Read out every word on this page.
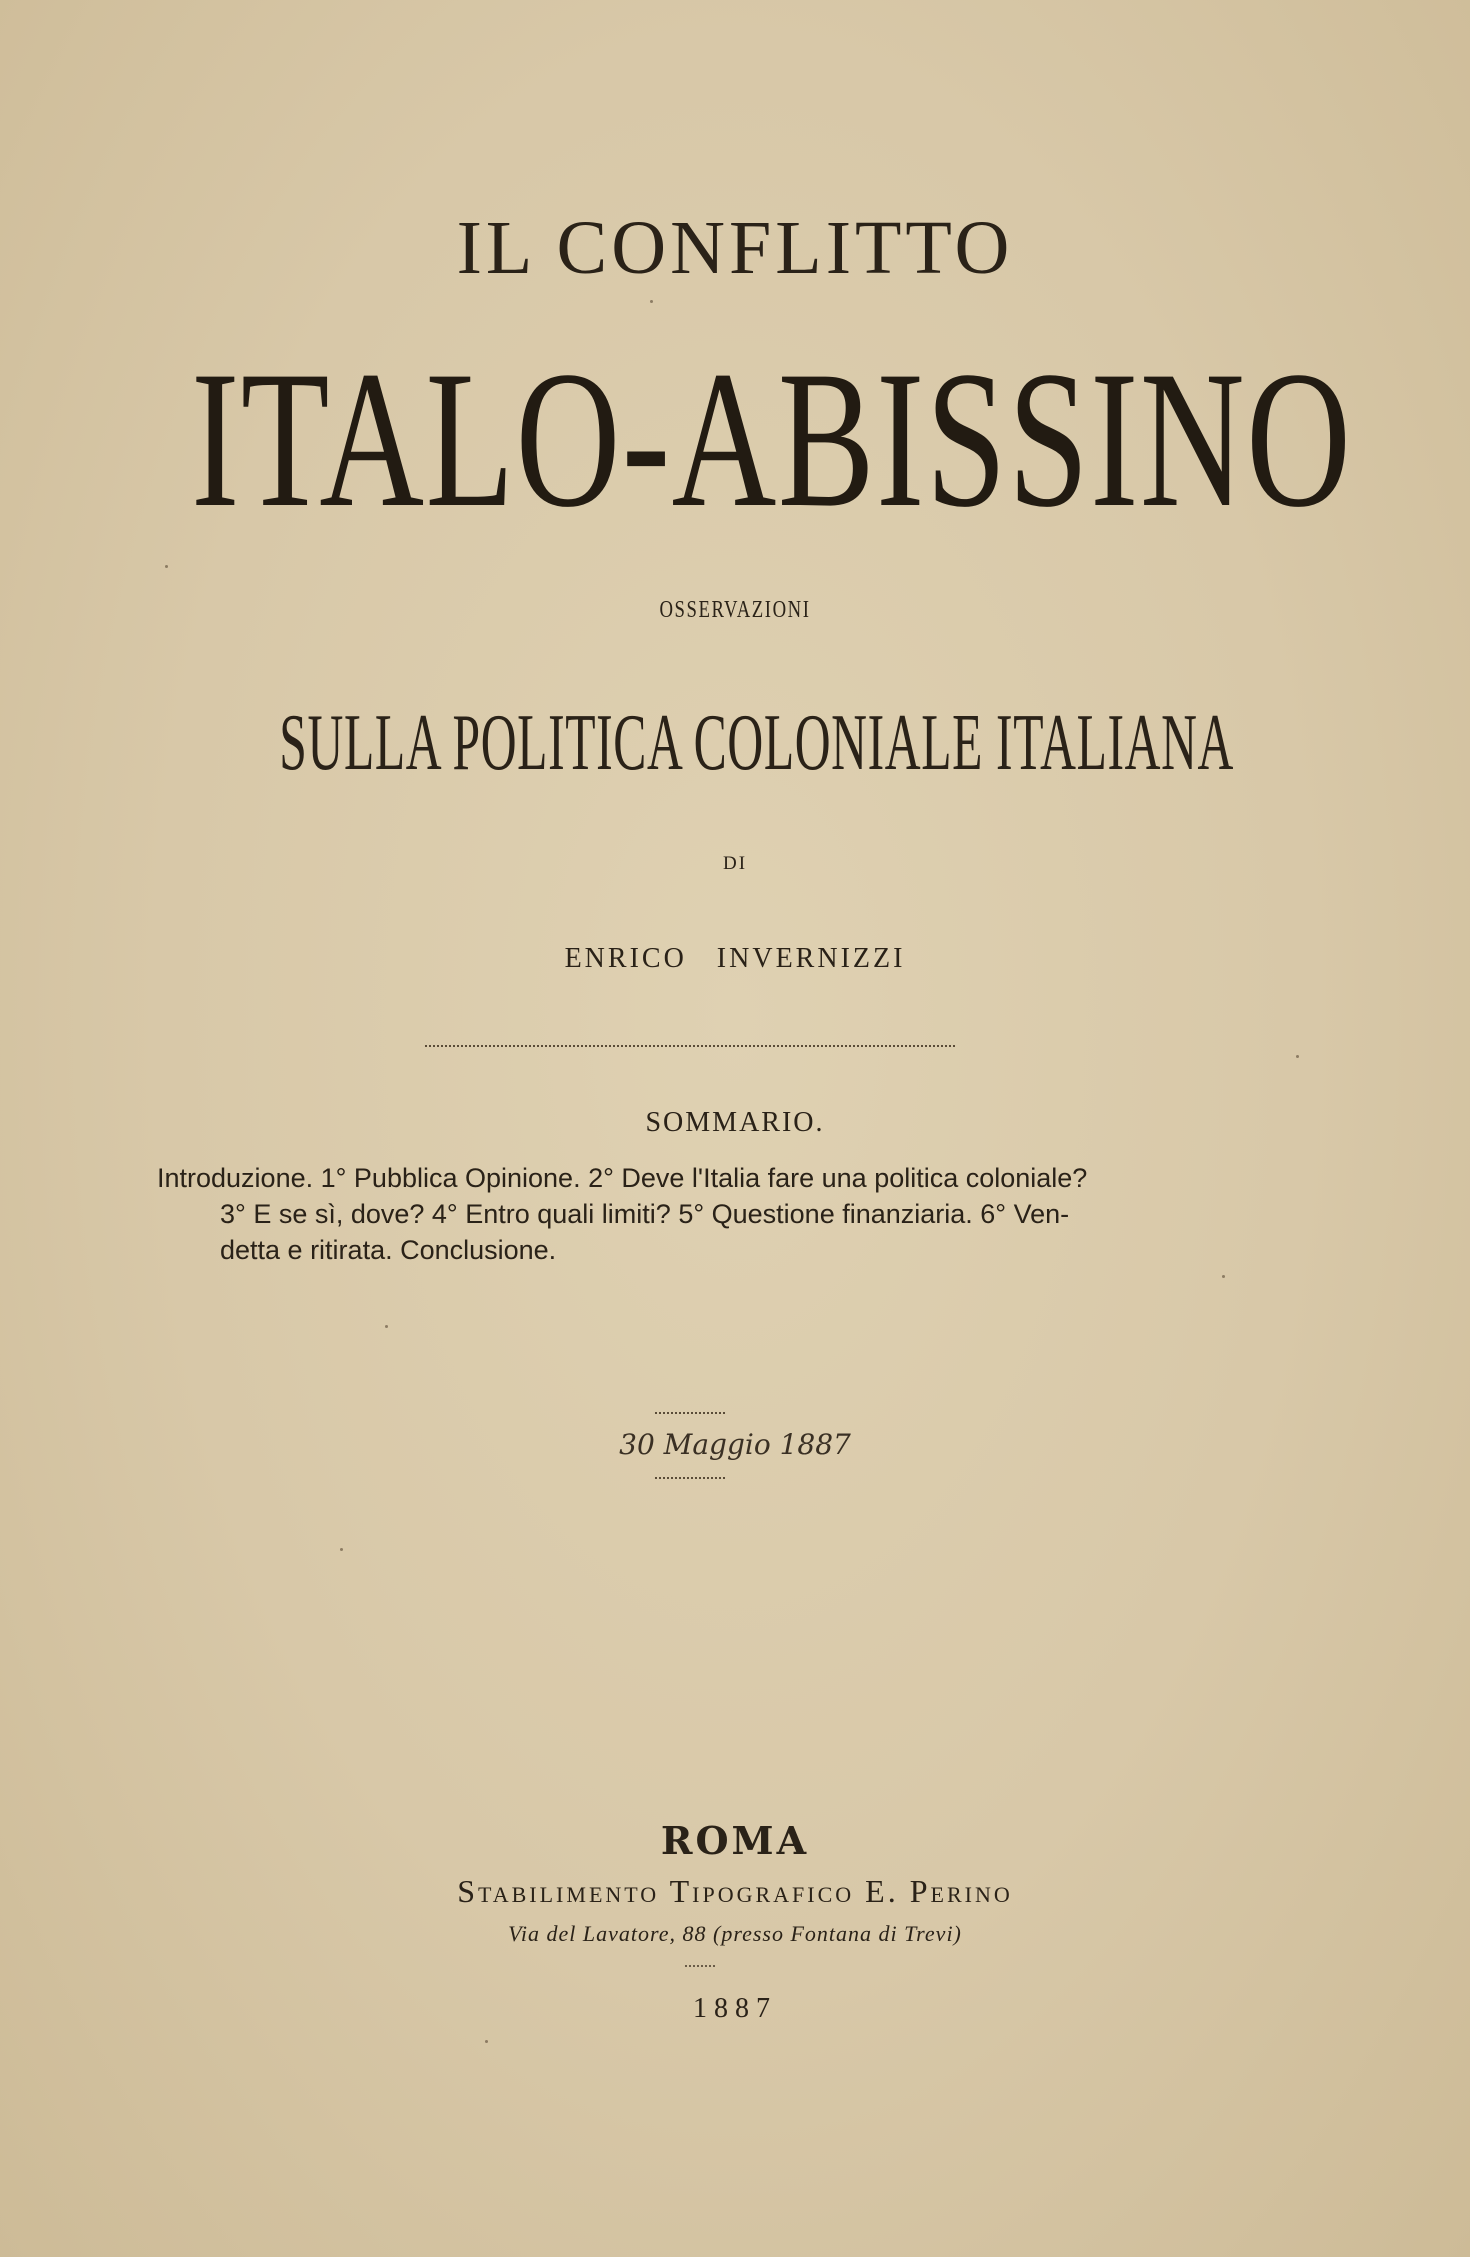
IL CONFLITTO
ITALO-ABISSINO
OSSERVAZIONI
SULLA POLITICA COLONIALE ITALIANA
DI
ENRICO INVERNIZZI
SOMMARIO.
Introduzione. 1° Pubblica Opinione. 2° Deve l'Italia fare una politica coloniale?
3° E se sì, dove? 4° Entro quali limiti? 5° Questione finanziaria. 6° Ven-
detta e ritirata. Conclusione.
30 Maggio 1887
ROMA
Stabilimento Tipografico E. Perino
Via del Lavatore, 88 (presso Fontana di Trevi)
1887
